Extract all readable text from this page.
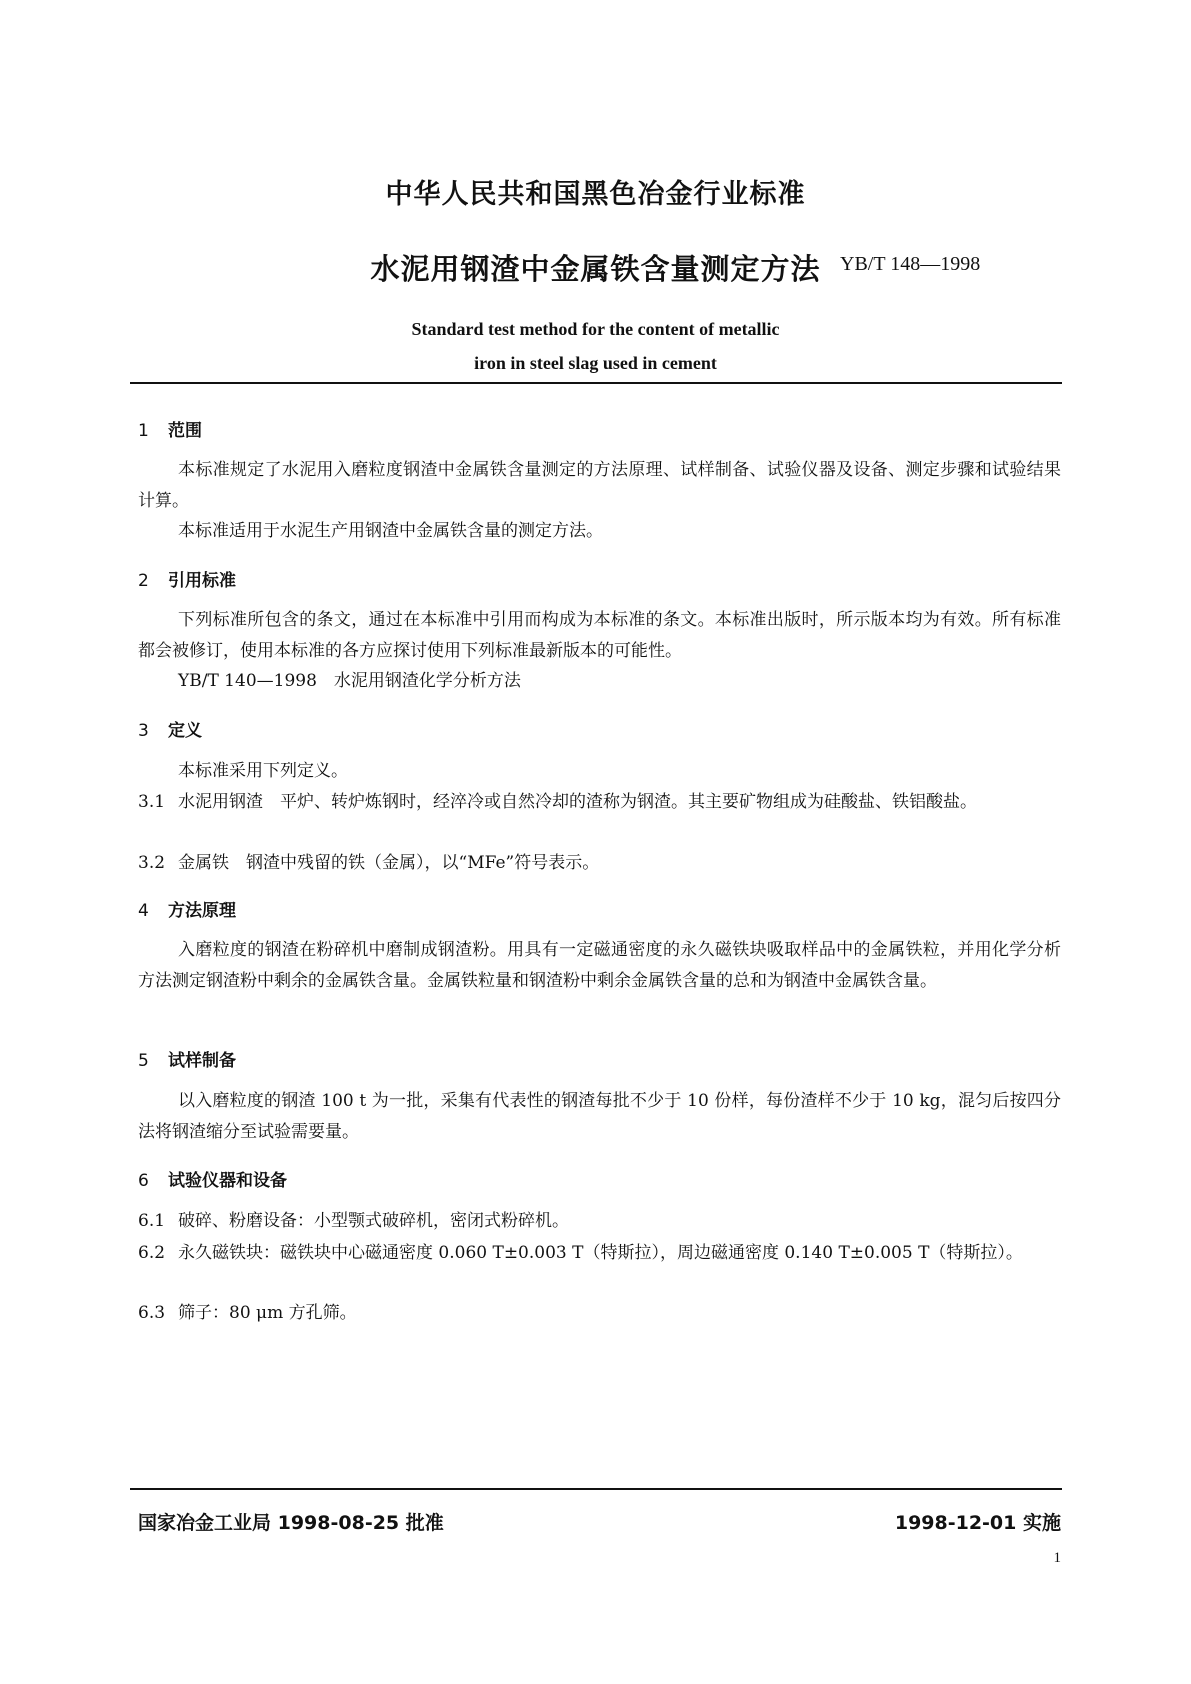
中华人民共和国黑色冶金行业标准
水泥用钢渣中金属铁含量测定方法 YB/T 148—1998
Standard test method for the content of metallic
iron in steel slag used in cement
1 范围
本标准规定了水泥用入磨粒度钢渣中金属铁含量测定的方法原理、试样制备、试验仪器及设备、测定步骤和试验结果计算。
本标准适用于水泥生产用钢渣中金属铁含量的测定方法。
2 引用标准
下列标准所包含的条文，通过在本标准中引用而构成为本标准的条文。本标准出版时，所示版本均为有效。所有标准都会被修订，使用本标准的各方应探讨使用下列标准最新版本的可能性。
YB/T 140—1998　水泥用钢渣化学分析方法
3 定义
本标准采用下列定义。
3.1 水泥用钢渣　平炉、转炉炼钢时，经淬冷或自然冷却的渣称为钢渣。其主要矿物组成为硅酸盐、铁铝酸盐。
3.2 金属铁　钢渣中残留的铁（金属），以“MFe”符号表示。
4 方法原理
入磨粒度的钢渣在粉碎机中磨制成钢渣粉。用具有一定磁通密度的永久磁铁块吸取样品中的金属铁粒，并用化学分析方法测定钢渣粉中剩余的金属铁含量。金属铁粒量和钢渣粉中剩余金属铁含量的总和为钢渣中金属铁含量。
5 试样制备
以入磨粒度的钢渣 100 t 为一批，采集有代表性的钢渣每批不少于 10 份样，每份渣样不少于 10 kg，混匀后按四分法将钢渣缩分至试验需要量。
6 试验仪器和设备
6.1 破碎、粉磨设备：小型颚式破碎机，密闭式粉碎机。
6.2 永久磁铁块：磁铁块中心磁通密度 0.060 T±0.003 T（特斯拉），周边磁通密度 0.140 T±0.005 T（特斯拉）。
6.3 筛子：80 μm 方孔筛。
国家冶金工业局 1998-08-25 批准	1998-12-01 实施
1
